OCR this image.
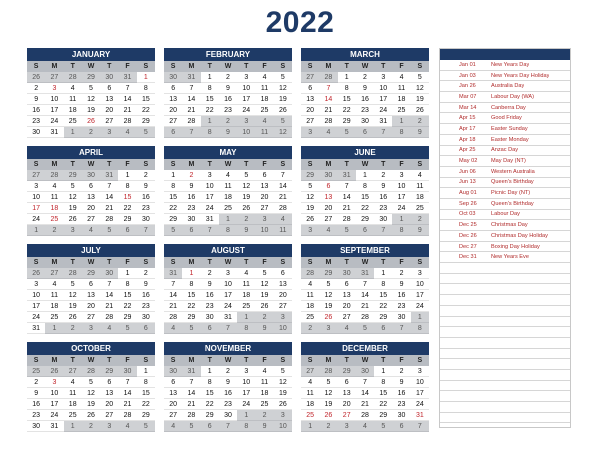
2022
JANUARY
S	M	T	W	T	F	S
26	27	28	29	30	31	1
2	3	4	5	6	7	8
9	10	11	12	13	14	15
16	17	18	19	20	21	22
23	24	25	26	27	28	29
30	31	1	2	3	4	5
FEBRUARY
S	M	T	W	T	F	S
30	31	1	2	3	4	5
6	7	8	9	10	11	12
13	14	15	16	17	18	19
20	21	22	23	24	25	26
27	28	1	2	3	4	5
6	7	8	9	10	11	12
MARCH
S	M	T	W	T	F	S
27	28	1	2	3	4	5
6	7	8	9	10	11	12
13	14	15	16	17	18	19
20	21	22	23	24	25	26
27	28	29	30	31	1	2
3	4	5	6	7	8	9
APRIL
S	M	T	W	T	F	S
27	28	29	30	31	1	2
3	4	5	6	7	8	9
10	11	12	13	14	15	16
17	18	19	20	21	22	23
24	25	26	27	28	29	30
1	2	3	4	5	6	7
MAY
S	M	T	W	T	F	S
1	2	3	4	5	6	7
8	9	10	11	12	13	14
15	16	17	18	19	20	21
22	23	24	25	26	27	28
29	30	31	1	2	3	4
5	6	7	8	9	10	11
JUNE
S	M	T	W	T	F	S
29	30	31	1	2	3	4
5	6	7	8	9	10	11
12	13	14	15	16	17	18
19	20	21	22	23	24	25
26	27	28	29	30	1	2
3	4	5	6	7	8	9
JULY
S	M	T	W	T	F	S
26	27	28	29	30	1	2
3	4	5	6	7	8	9
10	11	12	13	14	15	16
17	18	19	20	21	22	23
24	25	26	27	28	29	30
31	1	2	3	4	5	6
AUGUST
S	M	T	W	T	F	S
31	1	2	3	4	5	6
7	8	9	10	11	12	13
14	15	16	17	18	19	20
21	22	23	24	25	26	27
28	29	30	31	1	2	3
4	5	6	7	8	9	10
SEPTEMBER
S	M	T	W	T	F	S
28	29	30	31	1	2	3
4	5	6	7	8	9	10
11	12	13	14	15	16	17
18	19	20	21	22	23	24
25	26	27	28	29	30	1
2	3	4	5	6	7	8
OCTOBER
S	M	T	W	T	F	S
25	26	27	28	29	30	1
2	3	4	5	6	7	8
9	10	11	12	13	14	15
16	17	18	19	20	21	22
23	24	25	26	27	28	29
30	31	1	2	3	4	5
NOVEMBER
S	M	T	W	T	F	S
30	31	1	2	3	4	5
6	7	8	9	10	11	12
13	14	15	16	17	18	19
20	21	22	23	24	25	26
27	28	29	30	1	2	3
4	5	6	7	8	9	10
DECEMBER
S	M	T	W	T	F	S
27	28	29	30	1	2	3
4	5	6	7	8	9	10
11	12	13	14	15	16	17
18	19	20	21	22	23	24
25	26	27	28	29	30	31
1	2	3	4	5	6	7
Jan 01	New Years Day
Jan 03	New Years Day Holiday
Jan 26	Australia Day
Mar 07	Labour Day (WA)
Mar 14	Canberra Day
Apr 15	Good Friday
Apr 17	Easter Sunday
Apr 18	Easter Monday
Apr 25	Anzac Day
May 02	May Day (NT)
Jun 06	Western Australia
Jun 13	Queen's Birthday
Aug 01	Picnic Day (NT)
Sep 26	Queen's Birthday
Oct 03	Labour Day
Dec 25	Christmas Day
Dec 26	Christmas Day Holiday
Dec 27	Boxing Day Holiday
Dec 31	New Years Eve
